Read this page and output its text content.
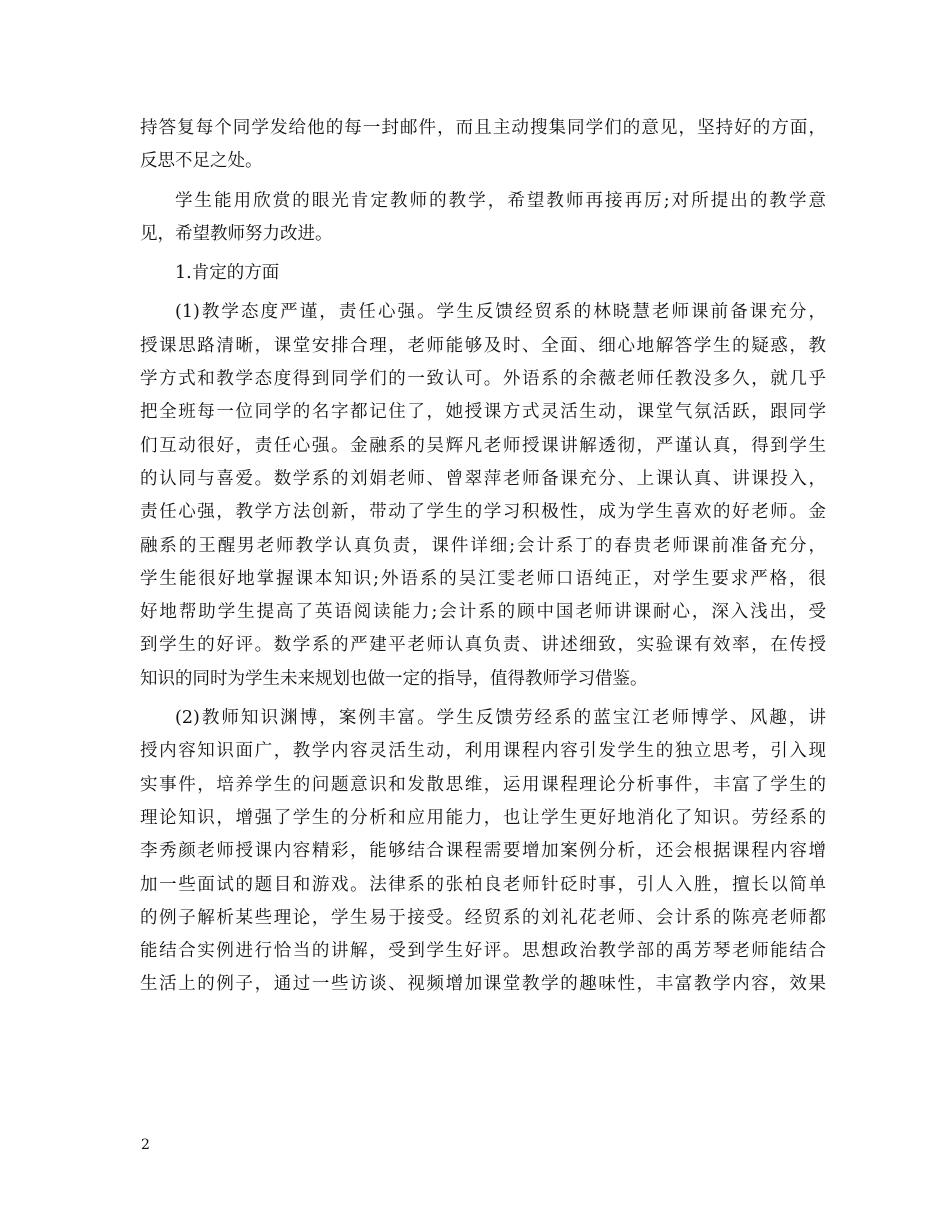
持答复每个同学发给他的每一封邮件，而且主动搜集同学们的意见，坚持好的方面，
反思不足之处。
学生能用欣赏的眼光肯定教师的教学，希望教师再接再厉;对所提出的教学意
见，希望教师努力改进。
1.肯定的方面
(1)教学态度严谨，责任心强。学生反馈经贸系的林晓慧老师课前备课充分，
授课思路清晰，课堂安排合理，老师能够及时、全面、细心地解答学生的疑惑，教
学方式和教学态度得到同学们的一致认可。外语系的余薇老师任教没多久，就几乎
把全班每一位同学的名字都记住了，她授课方式灵活生动，课堂气氛活跃，跟同学
们互动很好，责任心强。金融系的吴辉凡老师授课讲解透彻，严谨认真，得到学生
的认同与喜爱。数学系的刘娟老师、曾翠萍老师备课充分、上课认真、讲课投入，
责任心强，教学方法创新，带动了学生的学习积极性，成为学生喜欢的好老师。金
融系的王醒男老师教学认真负责，课件详细;会计系丁的春贵老师课前准备充分，
学生能很好地掌握课本知识;外语系的吴江雯老师口语纯正，对学生要求严格，很
好地帮助学生提高了英语阅读能力;会计系的顾中国老师讲课耐心，深入浅出，受
到学生的好评。数学系的严建平老师认真负责、讲述细致，实验课有效率，在传授
知识的同时为学生未来规划也做一定的指导，值得教师学习借鉴。
(2)教师知识渊博，案例丰富。学生反馈劳经系的蓝宝江老师博学、风趣，讲
授内容知识面广，教学内容灵活生动，利用课程内容引发学生的独立思考，引入现
实事件，培养学生的问题意识和发散思维，运用课程理论分析事件，丰富了学生的
理论知识，增强了学生的分析和应用能力，也让学生更好地消化了知识。劳经系的
李秀颜老师授课内容精彩，能够结合课程需要增加案例分析，还会根据课程内容增
加一些面试的题目和游戏。法律系的张柏良老师针砭时事，引人入胜，擅长以简单
的例子解析某些理论，学生易于接受。经贸系的刘礼花老师、会计系的陈亮老师都
能结合实例进行恰当的讲解，受到学生好评。思想政治教学部的禹芳琴老师能结合
生活上的例子，通过一些访谈、视频增加课堂教学的趣味性，丰富教学内容，效果
2
